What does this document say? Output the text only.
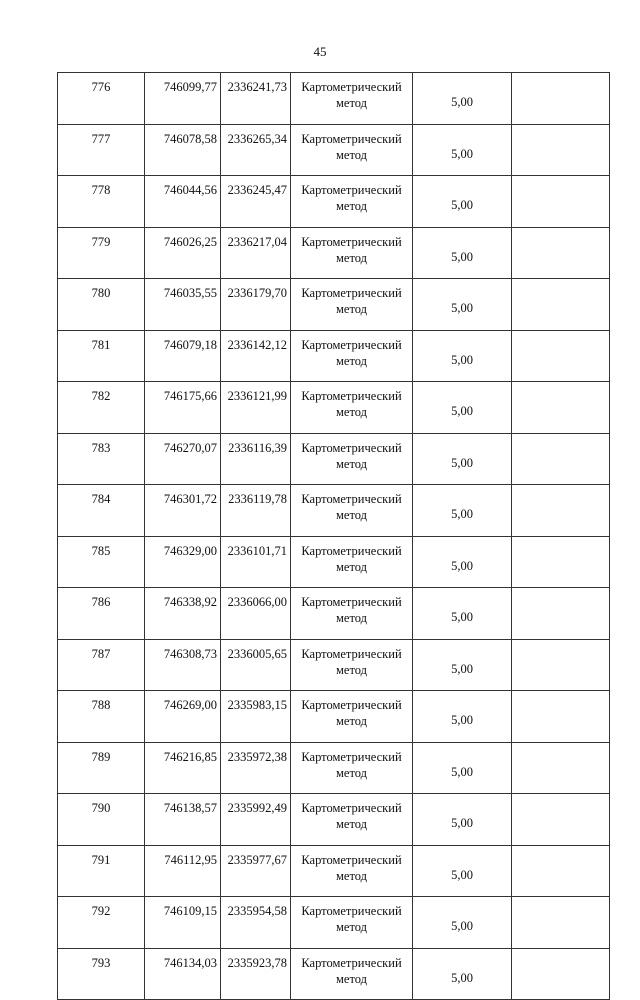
45
776	746099,77	2336241,73	Картометрический метод	5,00	
777	746078,58	2336265,34	Картометрический метод	5,00	
778	746044,56	2336245,47	Картометрический метод	5,00	
779	746026,25	2336217,04	Картометрический метод	5,00	
780	746035,55	2336179,70	Картометрический метод	5,00	
781	746079,18	2336142,12	Картометрический метод	5,00	
782	746175,66	2336121,99	Картометрический метод	5,00	
783	746270,07	2336116,39	Картометрический метод	5,00	
784	746301,72	2336119,78	Картометрический метод	5,00	
785	746329,00	2336101,71	Картометрический метод	5,00	
786	746338,92	2336066,00	Картометрический метод	5,00	
787	746308,73	2336005,65	Картометрический метод	5,00	
788	746269,00	2335983,15	Картометрический метод	5,00	
789	746216,85	2335972,38	Картометрический метод	5,00	
790	746138,57	2335992,49	Картометрический метод	5,00	
791	746112,95	2335977,67	Картометрический метод	5,00	
792	746109,15	2335954,58	Картометрический метод	5,00	
793	746134,03	2335923,78	Картометрический метод	5,00	
